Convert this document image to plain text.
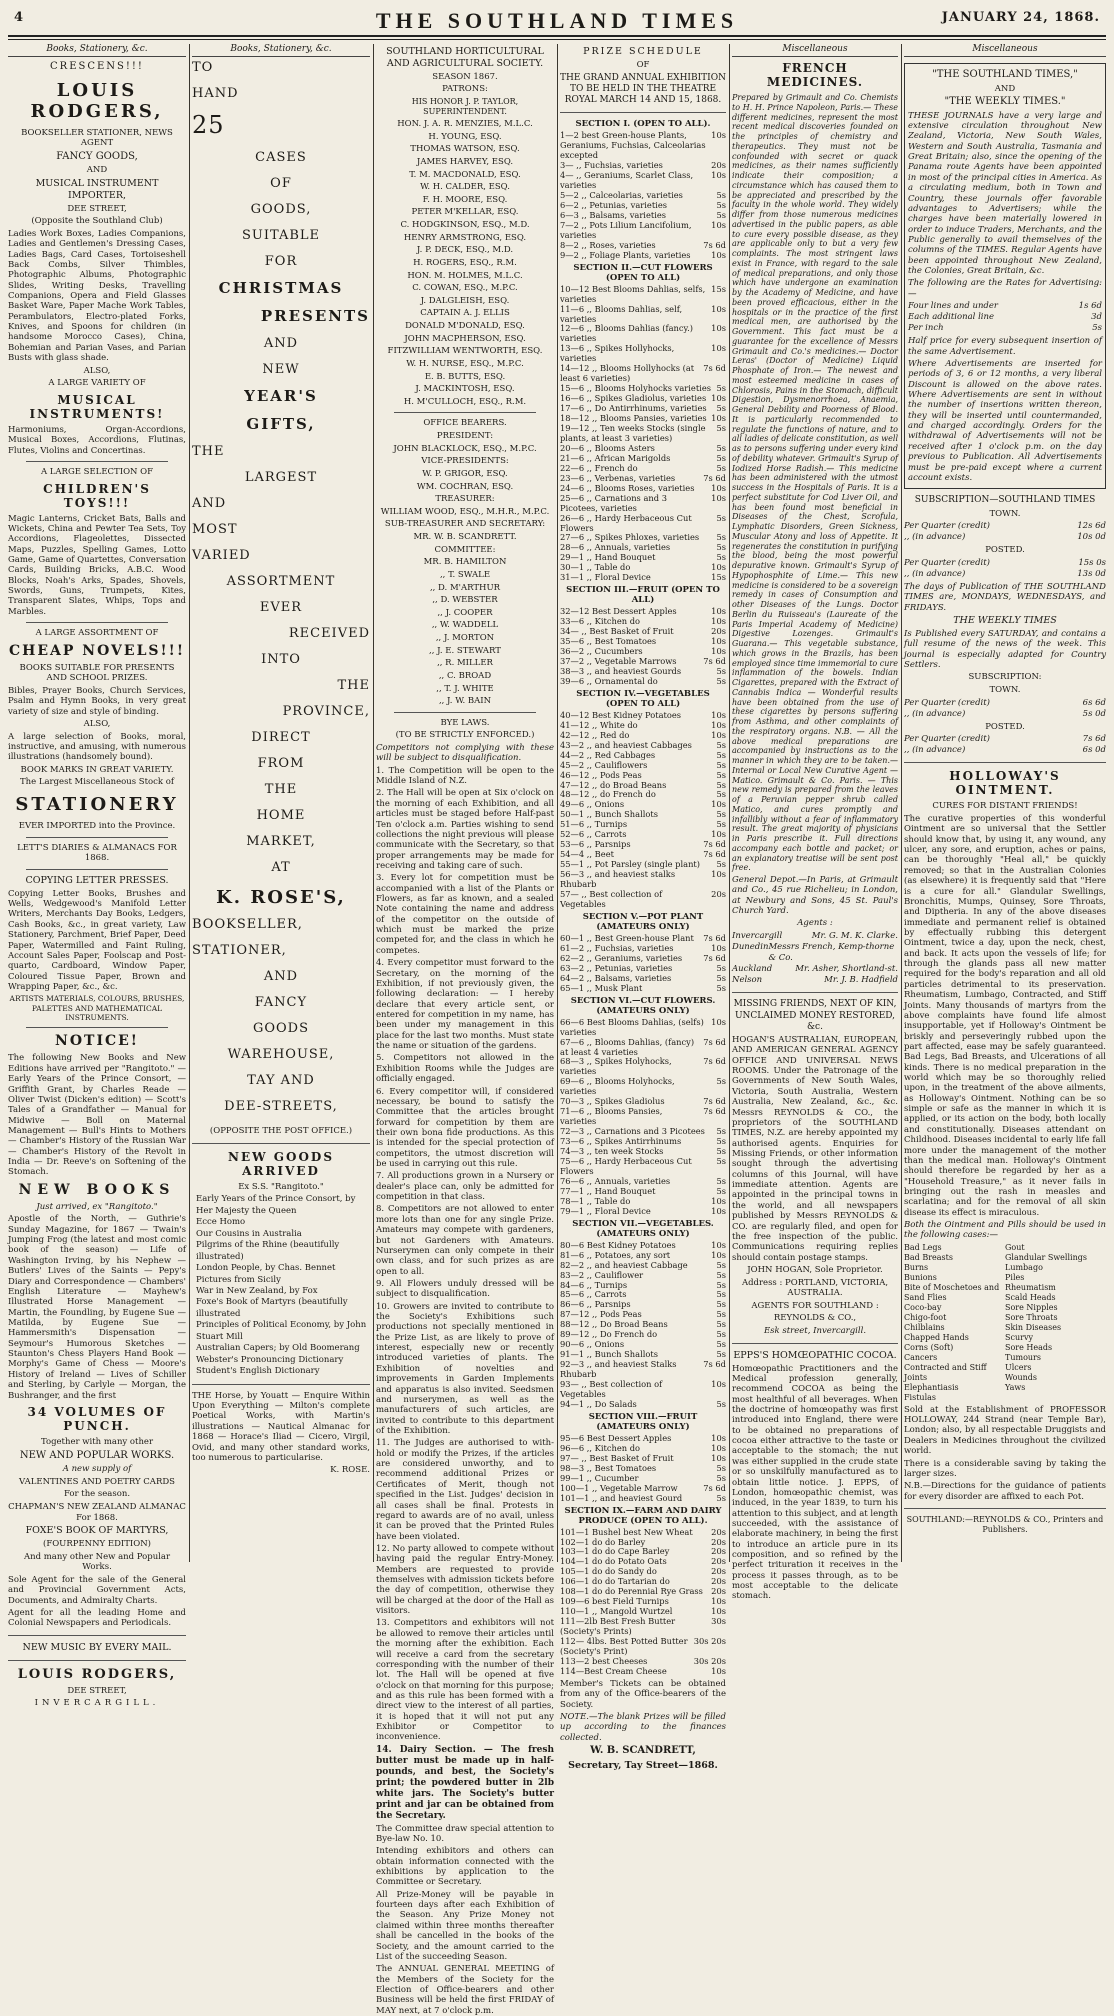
4	THE SOUTHLAND TIMES	JANUARY 24, 1868.
Books, Stationery, &c.
CRESCENS!!!
LOUIS RODGERS,
BOOKSELLER STATIONER, NEWS AGENT
FANCY GOODS,
AND
MUSICAL INSTRUMENT IMPORTER,
DEE STREET,
(Opposite the Southland Club)
Ladies Work Boxes, Ladies Companions, Ladies and Gentlemen's Dressing Cases, Ladies Bags, Card Cases, Tortoiseshell Back Combs, Silver Thimbles, Photographic Albums, Photographic Slides, Writing Desks, Travelling Companions, Opera and Field Glasses Basket Ware, Paper Mache Work Tables, Perambulators, Electro-plated Forks, Knives, and Spoons for children (in handsome Morocco Cases), China, Bohemian and Parian Vases, and Parian Busts with glass shade.
ALSO,
A LARGE VARIETY OF
MUSICAL INSTRUMENTS!
Harmoniums, Organ-Accordions, Musical Boxes, Accordions, Flutinas, Flutes, Violins and Concertinas.
A LARGE SELECTION OF
CHILDREN'S TOYS!!!
Magic Lanterns, Cricket Bats, Balls and Wickets, China and Pewter Tea Sets, Toy Accordions, Flageolettes, Dissected Maps, Puzzles, Spelling Games, Lotto Game, Game of Quartettes, Conversation Cards, Building Bricks, A.B.C. Wood Blocks, Noah's Arks, Spades, Shovels, Swords, Guns, Trumpets, Kites, Transparent Slates, Whips, Tops and Marbles.
A LARGE ASSORTMENT OF
CHEAP NOVELS!!!
BOOKS SUITABLE FOR PRESENTS AND SCHOOL PRIZES.
Bibles, Prayer Books, Church Services, Psalm and Hymn Books, in very great variety of size and style of binding.
ALSO,
A large selection of Books, moral, instructive, and amusing, with numerous illustrations (handsomely bound).
BOOK MARKS IN GREAT VARIETY.
The Largest Miscellaneous Stock of
STATIONERY
EVER IMPORTED into the Province.
LETT'S DIARIES & ALMANACS FOR 1868.
COPYING LETTER PRESSES.
Copying Letter Books, Brushes and Wells, Wedgewood's Manifold Letter Writers, Merchants Day Books, Ledgers, Cash Books, &c., in great variety, Law Stationery, Parchment, Brief Paper, Deed Paper, Watermilled and Faint Ruling, Account Sales Paper, Foolscap and Post-quarto, Cardboard, Window Paper, Coloured Tissue Paper, Brown and Wrapping Paper, &c., &c.
ARTISTS MATERIALS, COLOURS, BRUSHES, PALETTES AND MATHEMATICAL INSTRUMENTS.
NOTICE!
The following New Books and New Editions have arrived per "Rangitoto." — Early Years of the Prince Consort, — Griffith Grant, by Charles Reade — Oliver Twist (Dicken's edition) — Scott's Tales of a Grandfather — Manual for Midwive — Boll on Maternal Management — Bull's Hints to Mothers — Chamber's History of the Russian War — Chamber's History of the Revolt in India — Dr. Reeve's on Softening of the Stomach.
NEW BOOKS
Just arrived, ex "Rangitoto."
Apostle of the North, — Guthrie's Sunday Magazine, for 1867 — Twain's Jumping Frog (the latest and most comic book of the season) — Life of Washington Irving, by his Nephew — Butlers' Lives of the Saints — Pepy's Diary and Correspondence — Chambers' English Literature — Mayhew's Illustrated Horse Management — Martin, the Foundling, by Eugene Sue — Matilda, by Eugene Sue — Hammersmith's Dispensation — Seymour's Humorous Sketches — Staunton's Chess Players Hand Book — Morphy's Game of Chess — Moore's History of Ireland — Lives of Schiller and Sterling, by Carlyle — Morgan, the Bushranger, and the first
34 VOLUMES OF PUNCH.
Together with many other
NEW AND POPULAR WORKS.
A new supply of
VALENTINES AND POETRY CARDS
For the season.
CHAPMAN'S NEW ZEALAND ALMANAC For 1868.
FOXE'S BOOK OF MARTYRS,
(FOURPENNY EDITION)
And many other New and Popular Works.
Sole Agent for the sale of the General and Provincial Government Acts, Documents, and Admiralty Charts.
Agent for all the leading Home and Colonial Newspapers and Periodicals.
NEW MUSIC BY EVERY MAIL.
LOUIS RODGERS,
DEE STREET,
INVERCARGILL.
Books, Stationery, &c.
TO
HAND
25
CASES
OF
GOODS,
SUITABLE
FOR
CHRISTMAS
PRESENTS
AND
NEW
YEAR'S
GIFTS,
THE
LARGEST
AND
MOST
VARIED
ASSORTMENT
EVER
RECEIVED
INTO
THE
PROVINCE,
DIRECT
FROM
THE
HOME
MARKET,
AT
K. ROSE'S,
BOOKSELLER,
STATIONER,
AND
FANCY
GOODS
WAREHOUSE,
TAY AND
DEE-STREETS,
(OPPOSITE THE POST OFFICE.)
NEW GOODS ARRIVED
Ex S.S. "Rangitoto."
Early Years of the Prince Consort, by Her Majesty the Queen
Ecce Homo
Our Cousins in Australia
Pilgrims of the Rhine (beautifully illustrated)
London People, by Chas. Bennet
Pictures from Sicily
War in New Zealand, by Fox
Foxe's Book of Martyrs (beautifully illustrated
Principles of Political Economy, by John Stuart Mill
Australian Capers; by Old Boomerang
Webster's Pronouncing Dictionary
Student's English Dictionary
THE Horse, by Youatt — Enquire Within Upon Everything — Milton's complete Poetical Works, with Martin's illustrations — Nautical Almanac for 1868 — Horace's Iliad — Cicero, Virgil, Ovid, and many other standard works, too numerous to particularise.
K. ROSE.
SOUTHLAND HORTICULTURAL AND AGRICULTURAL SOCIETY.
SEASON 1867.
PATRONS:
HIS HONOR J. P. TAYLOR, SUPERINTENDENT.
HON. J. A. R. MENZIES, M.L.C.
H. YOUNG, ESQ.
THOMAS WATSON, ESQ.
JAMES HARVEY, ESQ.
T. M. MACDONALD, ESQ.
W. H. CALDER, ESQ.
F. H. MOORE, ESQ.
PETER M'KELLAR, ESQ.
C. HODGKINSON, ESQ., M.D.
HENRY ARMSTRONG, ESQ.
J. P. DECK, ESQ., M.D.
H. ROGERS, ESQ., R.M.
HON. M. HOLMES, M.L.C.
C. COWAN, ESQ., M.P.C.
J. DALGLEISH, ESQ.
CAPTAIN A. J. ELLIS
DONALD M'DONALD, ESQ.
JOHN MACPHERSON, ESQ.
FITZWILLIAM WENTWORTH, ESQ.
W. H. NURSE, ESQ., M.P.C.
E. B. BUTTS, ESQ.
J. MACKINTOSH, ESQ.
H. M'CULLOCH, ESQ., R.M.
OFFICE BEARERS.
PRESIDENT:
JOHN BLACKLOCK, ESQ., M.P.C.
VICE-PRESIDENTS:
W. P. GRIGOR, ESQ.
WM. COCHRAN, ESQ.
TREASURER:
WILLIAM WOOD, ESQ., M.H.R., M.P.C.
SUB-TREASURER AND SECRETARY:
MR. W. B. SCANDRETT.
COMMITTEE:
MR. B. HAMILTON
,, T. SWALE
,, D. M'ARTHUR
,, D. WEBSTER
,, J. COOPER
,, W. WADDELL
,, J. MORTON
,, J. E. STEWART
,, R. MILLER
,, C. BROAD
,, T. J. WHITE
,, J. W. BAIN
BYE LAWS.
(TO BE STRICTLY ENFORCED.)
Competitors not complying with these will be subject to disqualification.
1. The Competition will be open to the Middle Island of N.Z.
2. The Hall will be open at Six o'clock on the morning of each Exhibition, and all articles must be staged before Half-past Ten o'clock a.m. Parties wishing to send collections the night previous will please communicate with the Secretary, so that proper arrangements may be made for receiving and taking care of such.
3. Every lot for competition must be accompanied with a list of the Plants or Flowers, as far as known, and a sealed Note containing the name and address of the competitor on the outside of which must be marked the prize competed for, and the class in which he competes.
4. Every competitor must forward to the Secretary, on the morning of the Exhibition, if not previously given, the following declaration: — I hereby declare that every article sent, or entered for competition in my name, has been under my management in this place for the last two months. Must state the name or situation of the gardens.
5. Competitors not allowed in the Exhibition Rooms while the Judges are officially engaged.
6. Every competitor will, if considered necessary, be bound to satisfy the Committee that the articles brought forward for competition by them are their own bona fide productions. As this is intended for the special protection of competitors, the utmost discretion will be used in carrying out this rule.
7. All productions grown in a Nursery or dealer's place can, only be admitted for competition in that class.
8. Competitors are not allowed to enter more lots than one for any single Prize. Amateurs may compete with gardeners, but not Gardeners with Amateurs. Nurserymen can only compete in their own class, and for such prizes as are open to all.
9. All Flowers unduly dressed will be subject to disqualification.
10. Growers are invited to contribute to the Society's Exhibitions such productions not specially mentioned in the Prize List, as are likely to prove of interest, especially new or recently introduced varieties of plants. The Exhibition of novelties and improvements in Garden Implements and apparatus is also invited. Seedsmen and nurserymen, as well as the manufacturers of such articles, are invited to contribute to this department of the Exhibition.
11. The Judges are authorised to with-hold or modify the Prizes, if the articles are considered unworthy, and to recommend additional Prizes or Certificates of Merit, though not specified in the List. Judges' decision in all cases shall be final. Protests in regard to awards are of no avail, unless it can be proved that the Printed Rules have been violated.
12. No party allowed to compete without having paid the regular Entry-Money. Members are requested to provide themselves with admission tickets before the day of competition, otherwise they will be charged at the door of the Hall as visitors.
13. Competitors and exhibitors will not be allowed to remove their articles until the morning after the exhibition. Each will receive a card from the secretary corresponding with the number of their lot. The Hall will be opened at five o'clock on that morning for this purpose; and as this rule has been formed with a direct view to the interest of all parties, it is hoped that it will not put any Exhibitor or Competitor to inconvenience.
14. Dairy Section. — The fresh butter must be made up in half-pounds, and best, the Society's print; the powdered butter in 2lb white jars. The Society's butter print and jar can be obtained from the Secretary.
The Committee draw special attention to Bye-law No. 10.
Intending exhibitors and others can obtain information connected with the exhibitions by application to the Committee or Secretary.
All Prize-Money will be payable in fourteen days after each Exhibition of the Season. Any Prize Money not claimed within three months thereafter shall be cancelled in the books of the Society, and the amount carried to the List of the succeeding Season.
The ANNUAL GENERAL MEETING of the Members of the Society for the Election of Office-bearers and other Business will be held the first FRIDAY of MAY next, at 7 o'clock p.m.
PRIZE SCHEDULE
OF
THE GRAND ANNUAL EXHIBITION TO BE HELD IN THE THEATRE ROYAL MARCH 14 AND 15, 1868.
SECTION I. (OPEN TO ALL).
1—2 best Green-house Plants, Geraniums, Fuchsias, Calceolarias excepted
10s
3— ,, Fuchsias, varieties	20s
4— ,, Geraniums, Scarlet Class, varieties
10s
5—2 ,, Calceolarias, varieties	5s
6—2 ,, Petunias, varieties	5s
6—3 ,, Balsams, varieties	5s
7—2 ,, Pots Lilium Lancifolium, varieties
10s
8—2 ,, Roses, varieties	7s 6d
9—2 ,, Foliage Plants, varieties	10s
SECTION II.—CUT FLOWERS (OPEN TO ALL)
10—12 Best Blooms Dahlias, selfs, varieties
15s
11—6 ,, Blooms Dahlias, self, varieties
10s
12—6 ,, Blooms Dahlias (fancy.) varieties
10s
13—6 ,, Spikes Hollyhocks, varieties
10s
14—12 ,, Blooms Hollyhocks (at least 6 varieties)
7s 6d
15—6 ,, Blooms Holyhocks varieties 5s
16—6 ,, Spikes Gladiolus, varieties 10s
17—6 ,, Do Antirrhinums, varieties	5s
18—12 ,, Blooms Pansies, varieties 10s
19—12 ,, Ten weeks Stocks (single plants, at least 3 varieties)
5s
20—6 ,, Blooms Asters	5s
21—6 ,, African Marigolds	5s
22—6 ,, French do	5s
23—6 ,, Verbenas, varieties	7s 6d
24—6 ,, Blooms Roses, varieties	10s
25—6 ,, Carnations and 3 Picotees, varieties
10s
26—6 ,, Hardy Herbaceous Cut Flowers
5s
27—6 ,, Spikes Phloxes, varieties	5s
28—6 ,, Annuals, varieties	5s
29—1 ,, Hand Bouquet	5s
30—1 ,, Table do	10s
31—1 ,, Floral Device	15s
SECTION III.—FRUIT (OPEN TO ALL)
32—12 Best Dessert Apples	10s
33—6 ,, Kitchen do	10s
34— ,, Best Basket of Fruit	20s
35—6 ,, Best Tomatoes	10s
36—2 ,, Cucumbers	10s
37—2 ,, Vegetable Marrows	7s 6d
38—3 ,, and heaviest Gourds	5s
39—6 ,, Ornamental do	5s
SECTION IV.—VEGETABLES (OPEN TO ALL)
40—12 Best Kidney Potatoes	10s
41—12 ,, White do	10s
42—12 ,, Red do	10s
43—2 ,, and heaviest Cabbages	5s
44—2 ,, Red Cabbages	5s
45—2 ,, Cauliflowers	5s
46—12 ,, Pods Peas	5s
47—12 ,, do Broad Beans	5s
48—12 ,, do French do	5s
49—6 ,, Onions	10s
50—1 ,, Bunch Shallots	5s
51—6 ,, Turnips	5s
52—6 ,, Carrots	10s
53—6 ,, Parsnips	7s 6d
54—4 ,, Beet	7s 6d
55—1 ,, Pot Parsley (single plant)	5s
56—3 ,, and heaviest stalks Rhubarb
10s
57— ,, Best collection of Vegetables
20s
SECTION V.—POT PLANT (AMATEURS ONLY)
60—1 ,, Best Green-house Plant	7s 6d
61—2 ,, Fuchsias, varieties	10s
62—2 ,, Geraniums, varieties	7s 6d
63—2 ,, Petunias, varieties	5s
64—2 ,, Balsams, varieties	5s
65—1 ,, Musk Plant	5s
SECTION VI.—CUT FLOWERS. (AMATEURS ONLY)
66—6 Best Blooms Dahlias, (selfs) varieties
10s
67—6 ,, Blooms Dahlias, (fancy) at least 4 varieties
7s 6d
68—3 ,, Spikes Holyhocks, varieties
7s 6d
69—6 ,, Blooms Holyhocks, varieties
5s
70—3 ,, Spikes Gladiolus	7s 6d
71—6 ,, Blooms Pansies, varieties
7s 6d
72—3 ,, Carnations and 3 Picotees	5s
73—6 ,, Spikes Antirrhinums	5s
74—3 ,, ten week Stocks	5s
75—6 ,, Hardy Herbaceous Cut Flowers
5s
76—6 ,, Annuals, varieties	5s
77—1 ,, Hand Bouquet	5s
78—1 ,, Table do	10s
79—1 ,, Floral Device	10s
SECTION VII.—VEGETABLES. (AMATEURS ONLY)
80—6 Best Kidney Potatoes	10s
81—6 ,, Potatoes, any sort	10s
82—2 ,, and heaviest Cabbage	5s
83—2 ,, Cauliflower	5s
84—6 ,, Turnips	5s
85—6 ,, Carrots	5s
86—6 ,, Parsnips	5s
87—12 ,, Pods Peas	5s
88—12 ,, Do Broad Beans	5s
89—12 ,, Do French do	5s
90—6 ,, Onions	5s
91—1 ,, Bunch Shallots	5s
92—3 ,, and heaviest Stalks Rhubarb
7s 6d
93— ,, Best collection of Vegetables
10s
94—1 ,, Do Salads	5s
SECTION VIII.—FRUIT (AMATEURS ONLY)
95—6 Best Dessert Apples	10s
96—6 ,, Kitchen do	10s
97— ,, Best Basket of Fruit	10s
98—3 ,, Best Tomatoes	5s
99—1 ,, Cucumber	5s
100—1 ,, Vegetable Marrow	7s 6d
101—1 ,, and heaviest Gourd	5s
SECTION IX.—FARM AND DAIRY PRODUCE (OPEN TO ALL).
101—1 Bushel best New Wheat	20s
102—1 do do Barley	20s
103—1 do do Cape Barley	20s
104—1 do do Potato Oats	20s
105—1 do do Sandy do	20s
106—1 do do Tartarian do	20s
108—1 do do Perennial Rye Grass 20s
109—6 best Field Turnips	10s
110—1 ,, Mangold Wurtzel	10s
111—2lb Best Fresh Butter (Society's Prints)
30s
112— 4lbs. Best Potted Butter (Society's Print)
30s 20s
113—2 best Cheeses	30s 20s
114—Best Cream Cheese	10s
Member's Tickets can be obtained from any of the Office-bearers of the Society.
NOTE.—The blank Prizes will be filled up according to the finances collected.
W. B. SCANDRETT,
Secretary, Tay Street—1868.
Miscellaneous
FRENCH MEDICINES.
Prepared by Grimault and Co. Chemists to H. H. Prince Napoleon, Paris.— These different medicines, represent the most recent medical discoveries founded on the principles of chemistry and therapeutics. They must not be confounded with secret or quack medicines, as their names sufficiently indicate their composition; a circumstance which has caused them to be appreciated and prescribed by the faculty in the whole world. They widely differ from those numerous medicines advertised in the public papers, as able to cure every possible disease, as they are applicable only to but a very few complaints. The most stringent laws exist in France, with regard to the sale of medical preparations, and only those which have undergone an examination by the Academy of Medicine, and have been proved efficacious, either in the hospitals or in the practice of the first medical men, are authorised by the Government. This fact must be a guarantee for the excellence of Messrs Grimault and Co.'s medicines.— Doctor Leras' (Doctor of Medicine) Liquid Phosphate of Iron.— The newest and most esteemed medicine in cases of Chlorosis, Pains in the Stomach, difficult Digestion, Dysmenorrhoea, Anaemia, General Debility and Poorness of Blood. It is particularly recommended to regulate the functions of nature, and to all ladies of delicate constitution, as well as to persons suffering under every kind of debility whatever. Grimault's Syrup of Iodized Horse Radish.— This medicine has been administered with the utmost success in the Hospitals of Paris. It is a perfect substitute for Cod Liver Oil, and has been found most beneficial in Diseases of the Chest, Scrofula, Lymphatic Disorders, Green Sickness, Muscular Atony and loss of Appetite. It regenerates the constitution in purifying the blood, being the most powerful depurative known. Grimault's Syrup of Hypophosphite of Lime.— This new medicine is considered to be a sovereign remedy in cases of Consumption and other Diseases of the Lungs. Doctor Berlin du Ruisseau's (Laureate of the Paris Imperial Academy of Medicine) Digestive Lozenges. Grimault's Guarana.— This vegetable substance, which grows in the Brazils, has been employed since time immemorial to cure inflammation of the bowels. Indian Cigarettes, prepared with the Extract of Cannabis Indica — Wonderful results have been obtained from the use of these cigarettes by persons suffering from Asthma, and other complaints of the respiratory organs. N.B. — All the above medical preparations are accompanied by instructions as to the manner in which they are to be taken.— Internal or Local New Curative Agent — Matico. Grimault & Co. Paris. — This new remedy is prepared from the leaves of a Peruvian pepper shrub called Matico, and cures promptly and infallibly without a fear of inflammatory result. The great majority of physicians in Paris prescribe it. Full directions accompany each bottle and packet; or an explanatory treatise will be sent post free.
General Depot.—In Paris, at Grimault and Co., 45 rue Richelieu; in London, at Newbury and Sons, 45 St. Paul's Church Yard.
Agents :
Invercargill	Mr. G. M. K. Clarke.
Dunedin Messrs French, Kemp-thorne & Co.
Auckland	Mr. Asher, Shortland-st.
Nelson	Mr. J. B. Hadfield
MISSING FRIENDS, NEXT OF KIN, UNCLAIMED MONEY RESTORED, &c.
HOGAN'S AUSTRALIAN, EUROPEAN, AND AMERICAN GENERAL AGENCY OFFICE AND UNIVERSAL NEWS ROOMS. Under the Patronage of the Governments of New South Wales, Victoria, South Australia, Western Australia, New Zealand, &c., &c. Messrs REYNOLDS & CO., the proprietors of the SOUTHLAND TIMES, N.Z. are hereby appointed my authorised agents. Enquiries for Missing Friends, or other information sought through the advertising columns of this Journal, will have immediate attention. Agents are appointed in the principal towns in the world, and all newspapers published by Messrs REYNOLDS & CO. are regularly filed, and open for the free inspection of the public. Communications requiring replies should contain postage stamps.
JOHN HOGAN, Sole Proprietor.
Address : PORTLAND, VICTORIA, AUSTRALIA.
AGENTS FOR SOUTHLAND :
REYNOLDS & CO.,
Esk street, Invercargill.
EPPS'S HOMŒOPATHIC COCOA.
Homœopathic Practitioners and the Medical profession generally, recommend COCOA as being the most healthful of all beverages. When the doctrine of homœopathy was first introduced into England, there were to be obtained no preparations of cocoa either attractive to the taste or acceptable to the stomach; the nut was either supplied in the crude state or so unskilfully manufactured as to obtain little notice. J. EPPS, of London, homœopathic chemist, was induced, in the year 1839, to turn his attention to this subject, and at length succeeded, with the assistance of elaborate machinery, in being the first to introduce an article pure in its composition, and so refined by the perfect trituration it receives in the process it passes through, as to be most acceptable to the delicate stomach.
Miscellaneous
"THE SOUTHLAND TIMES,"
AND
"THE WEEKLY TIMES."
THESE JOURNALS have a very large and extensive circulation throughout New Zealand, Victoria, New South Wales, Western and South Australia, Tasmania and Great Britain; also, since the opening of the Panama route Agents have been appointed in most of the principal cities in America. As a circulating medium, both in Town and Country, these journals offer favorable advantages to Advertisers; while the charges have been materially lowered in order to induce Traders, Merchants, and the Public generally to avail themselves of the columns of the TIMES. Regular Agents have been appointed throughout New Zealand, the Colonies, Great Britain, &c.
The following are the Rates for Advertising:—
Four lines and under	1s 6d
Each additional line	3d
Per inch	5s
Half price for every subsequent insertion of the same Advertisement.
Where Advertisements are inserted for periods of 3, 6 or 12 months, a very liberal Discount is allowed on the above rates. Where Advertisements are sent in without the number of insertions written thereon, they will be inserted until countermanded, and charged accordingly. Orders for the withdrawal of Advertisements will not be received after 1 o'clock p.m. on the day previous to Publication. All Advertisements must be pre-paid except where a current account exists.
SUBSCRIPTION—SOUTHLAND TIMES
TOWN.
Per Quarter (credit)	12s 6d
,, (in advance)	10s 0d
POSTED.
Per Quarter (credit)	15s 0s
,, (in advance)	13s 0d
The days of Publication of THE SOUTHLAND TIMES are, MONDAYS, WEDNESDAYS, and FRIDAYS.
THE WEEKLY TIMES
Is Published every SATURDAY, and contains a full resume of the news of the week. This journal is especially adapted for Country Settlers.
SUBSCRIPTION:
TOWN.
Per Quarter (credit)	6s 6d
,, (in advance)	5s 0d
POSTED.
Per Quarter (credit)	7s 6d
,, (in advance)	6s 0d
HOLLOWAY'S OINTMENT.
CURES FOR DISTANT FRIENDS!
The curative properties of this wonderful Ointment are so universal that the Settler should know that, by using it, any wound, any ulcer, any sore, and eruption, aches or pains, can be thoroughly "Heal all," be quickly removed; so that in the Australian Colonies (as elsewhere) it is frequently said that "Here is a cure for all." Glandular Swellings, Bronchitis, Mumps, Quinsey, Sore Throats, and Diptheria. In any of the above diseases immediate and permanent relief is obtained by effectually rubbing this detergent Ointment, twice a day, upon the neck, chest, and back. It acts upon the vessels of life; for through the glands pass all new matter required for the body's reparation and all old particles detrimental to its preservation. Rheumatism, Lumbago, Contracted, and Stiff Joints. Many thousands of martyrs from the above complaints have found life almost insupportable, yet if Holloway's Ointment be briskly and perseveringly rubbed upon the part affected, ease may be safely guaranteed. Bad Legs, Bad Breasts, and Ulcerations of all kinds. There is no medical preparation in the world which may be so thoroughly relied upon, in the treatment of the above ailments, as Holloway's Ointment. Nothing can be so simple or safe as the manner in which it is applied, or its action on the body, both locally and constitutionally. Diseases attendant on Childhood. Diseases incidental to early life fall more under the management of the mother than the medical man. Holloway's Ointment should therefore be regarded by her as a "Household Treasure," as it never fails in bringing out the rash in measles and scarlatina; and for the removal of all skin disease its effect is miraculous.
Both the Ointment and Pills should be used in the following cases:—
Bad Legs
Bad Breasts
Burns
Bunions
Bite of Moschetoes and Sand Flies
Coco-bay
Chigo-foot
Chilblains
Chapped Hands
Corns (Soft)
Cancers
Contracted and Stiff Joints
Elephantiasis
Fistulas
Gout
Glandular Swellings
Lumbago
Piles
Rheumatism
Scald Heads
Sore Nipples
Sore Throats
Skin Diseases
Scurvy
Sore Heads
Tumours
Ulcers
Wounds
Yaws
Sold at the Establishment of PROFESSOR HOLLOWAY, 244 Strand (near Temple Bar), London; also, by all respectable Druggists and Dealers in Medicines throughout the civilized world.
There is a considerable saving by taking the larger sizes.
N.B.—Directions for the guidance of patients for every disorder are affixed to each Pot.
SOUTHLAND:—REYNOLDS & CO., Printers and Publishers.
